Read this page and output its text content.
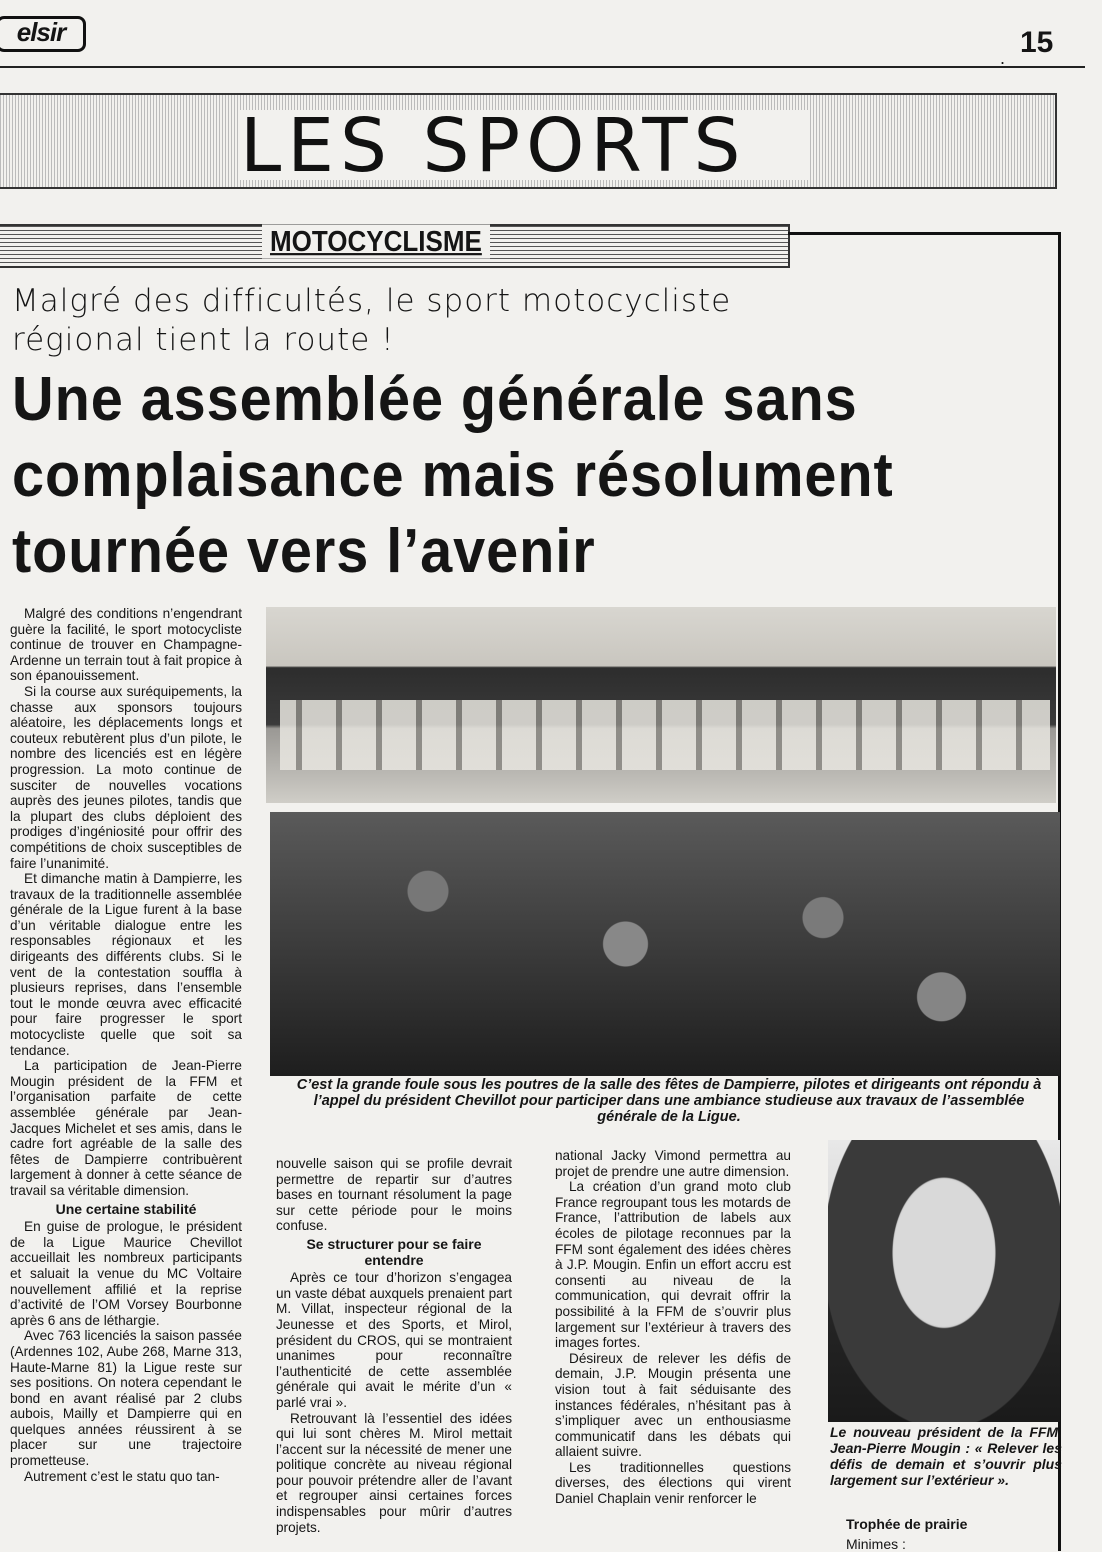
elsir
. 15
LES SPORTS
MOTOCYCLISME
Malgré des difficultés, le sport motocycliste régional tient la route !
Une assemblée générale sans complaisance mais résolument tournée vers l’avenir
C’est la grande foule sous les poutres de la salle des fêtes de Dampierre, pilotes et dirigeants ont répondu à l’appel du président Chevillot pour participer dans une ambiance studieuse aux travaux de l’assemblée générale de la Ligue.
Le nouveau président de la FFM, Jean-Pierre Mougin : « Relever les défis de demain et s’ouvrir plus largement sur l’extérieur ».

Malgré des conditions n’engendrant guère la facilité, le sport motocycliste continue de trouver en Champagne-Ardenne un terrain tout à fait propice à son épanouissement.

Si la course aux suréquipements, la chasse aux sponsors toujours aléatoire, les déplacements longs et couteux rebutèrent plus d’un pilote, le nombre des licenciés est en légère progression. La moto continue de susciter de nouvelles vocations auprès des jeunes pilotes, tandis que la plupart des clubs déploient des prodiges d’ingéniosité pour offrir des compétitions de choix susceptibles de faire l’unanimité.

Et dimanche matin à Dampierre, les travaux de la traditionnelle assemblée générale de la Ligue furent à la base d’un véritable dialogue entre les responsables régionaux et les dirigeants des différents clubs. Si le vent de la contestation souffla à plusieurs reprises, dans l’ensemble tout le monde œuvra avec efficacité pour faire progresser le sport motocycliste quelle que soit sa tendance.

La participation de Jean-Pierre Mougin président de la FFM et l’organisation parfaite de cette assemblée générale par Jean-Jacques Michelet et ses amis, dans le cadre fort agréable de la salle des fêtes de Dampierre contribuèrent largement à donner à cette séance de travail sa véritable dimension.

Une certaine stabilité

En guise de prologue, le président de la Ligue Maurice Chevillot accueillait les nombreux participants et saluait la venue du MC Voltaire nouvellement affilié et la reprise d’activité de l’OM Vorsey Bourbonne après 6 ans de léthargie.

Avec 763 licenciés la saison passée (Ardennes 102, Aube 268, Marne 313, Haute-Marne 81) la Ligue reste sur ses positions. On notera cependant le bond en avant réalisé par 2 clubs aubois, Mailly et Dampierre qui en quelques années réussirent à se placer sur une trajectoire prometteuse.

Autrement c’est le statu quo tan-

nouvelle saison qui se profile devrait permettre de repartir sur d’autres bases en tournant résolument la page sur cette période pour le moins confuse.

Se structurer pour se faire entendre

Après ce tour d’horizon s’engagea un vaste débat auxquels prenaient part M. Villat, inspecteur régional de la Jeunesse et des Sports, et Mirol, président du CROS, qui se montraient unanimes pour reconnaître l’authenticité de cette assemblée générale qui avait le mérite d’un « parlé vrai ».

Retrouvant là l’essentiel des idées qui lui sont chères M. Mirol mettait l’accent sur la nécessité de mener une politique concrète au niveau régional pour pouvoir prétendre aller de l’avant et regrouper ainsi certaines forces indispensables pour mûrir d’autres projets.

national Jacky Vimond permettra au projet de prendre une autre dimension.

La création d’un grand moto club France regroupant tous les motards de France, l’attribution de labels aux écoles de pilotage reconnues par la FFM sont également des idées chères à J.P. Mougin. Enfin un effort accru est consenti au niveau de la communication, qui devrait offrir la possibilité à la FFM de s’ouvrir plus largement sur l’extérieur à travers des images fortes.

Désireux de relever les défis de demain, J.P. Mougin présenta une vision tout à fait séduisante des instances fédérales, n’hésitant pas à s’impliquer avec un enthousiasme communicatif dans les débats qui allaient suivre.

Les traditionnelles questions diverses, des élections qui virent Daniel Chaplain venir renforcer le

Trophée de prairie
Minimes :
